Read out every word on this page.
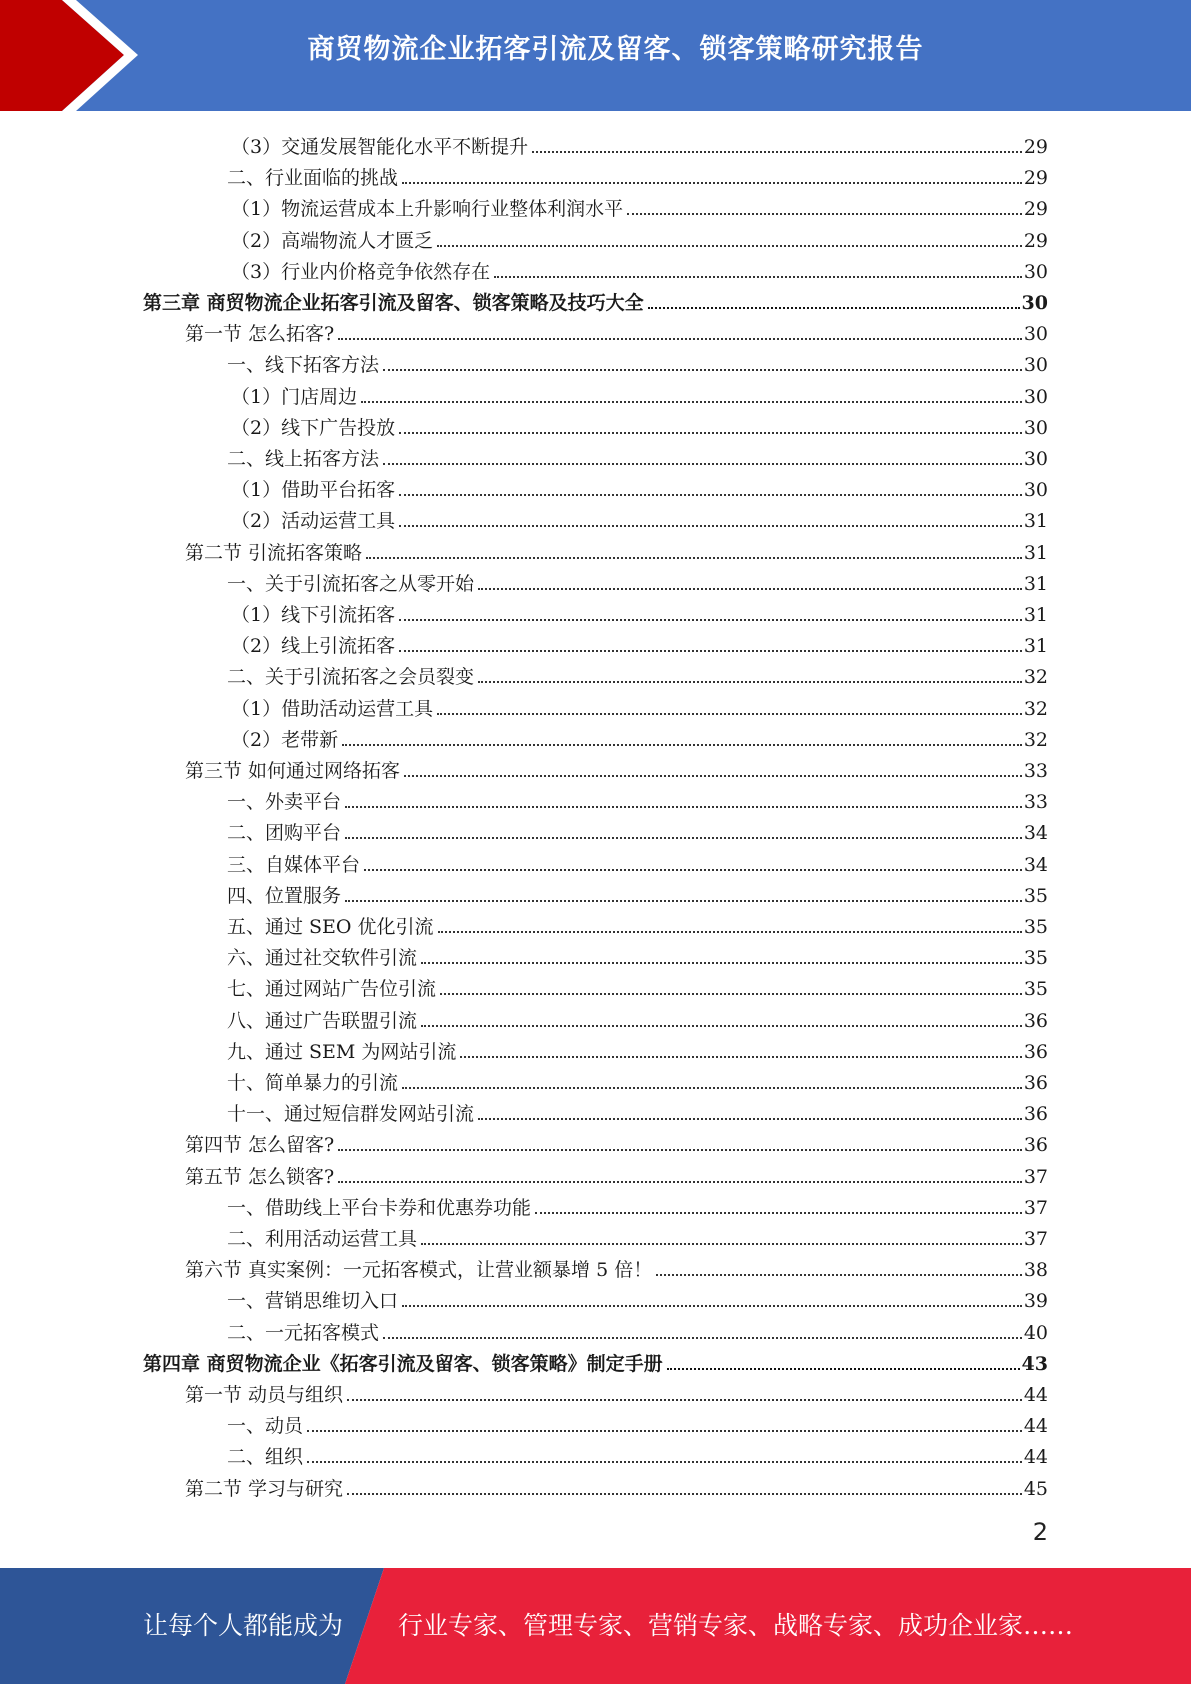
商贸物流企业拓客引流及留客、锁客策略研究报告
（3）交通发展智能化水平不断提升	29
二、行业面临的挑战	29
（1）物流运营成本上升影响行业整体利润水平	29
（2）高端物流人才匮乏	29
（3）行业内价格竞争依然存在	30
第三章 商贸物流企业拓客引流及留客、锁客策略及技巧大全	30
第一节 怎么拓客?	30
一、线下拓客方法	30
（1）门店周边	30
（2）线下广告投放	30
二、线上拓客方法	30
（1）借助平台拓客	30
（2）活动运营工具	31
第二节 引流拓客策略	31
一、关于引流拓客之从零开始	31
（1）线下引流拓客	31
（2）线上引流拓客	31
二、关于引流拓客之会员裂变	32
（1）借助活动运营工具	32
（2）老带新	32
第三节 如何通过网络拓客	33
一、外卖平台	33
二、团购平台	34
三、自媒体平台	34
四、位置服务	35
五、通过 SEO 优化引流	35
六、通过社交软件引流	35
七、通过网站广告位引流	35
八、通过广告联盟引流	36
九、通过 SEM 为网站引流	36
十、简单暴力的引流	36
十一、通过短信群发网站引流	36
第四节 怎么留客?	36
第五节 怎么锁客?	37
一、借助线上平台卡券和优惠券功能	37
二、利用活动运营工具	37
第六节 真实案例：一元拓客模式，让营业额暴增 5 倍！	38
一、营销思维切入口	39
二、一元拓客模式	40
第四章 商贸物流企业《拓客引流及留客、锁客策略》制定手册	43
第一节 动员与组织	44
一、动员	44
二、组织	44
第二节 学习与研究	45
2
让每个人都能成为 行业专家、管理专家、营销专家、战略专家、成功企业家……
